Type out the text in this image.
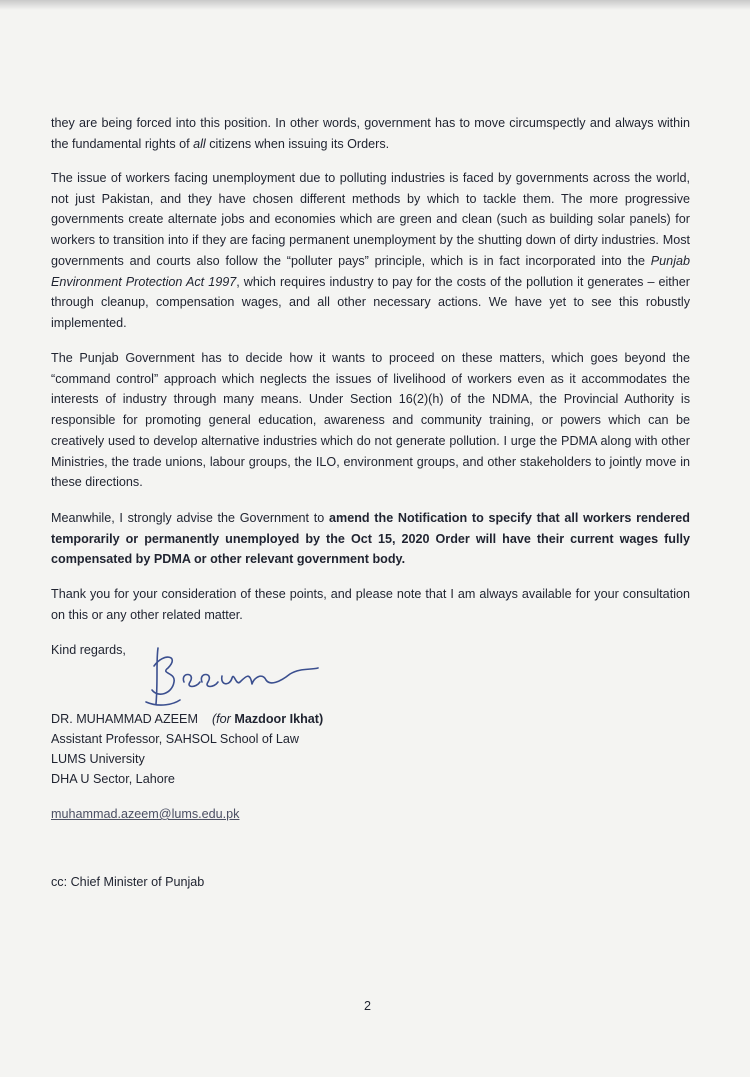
they are being forced into this position. In other words, government has to move circumspectly and always within the fundamental rights of all citizens when issuing its Orders.

The issue of workers facing unemployment due to polluting industries is faced by governments across the world, not just Pakistan, and they have chosen different methods by which to tackle them. The more progressive governments create alternate jobs and economies which are green and clean (such as building solar panels) for workers to transition into if they are facing permanent unemployment by the shutting down of dirty industries. Most governments and courts also follow the “polluter pays” principle, which is in fact incorporated into the Punjab Environment Protection Act 1997, which requires industry to pay for the costs of the pollution it generates – either through cleanup, compensation wages, and all other necessary actions. We have yet to see this robustly implemented.

The Punjab Government has to decide how it wants to proceed on these matters, which goes beyond the “command control” approach which neglects the issues of livelihood of workers even as it accommodates the interests of industry through many means. Under Section 16(2)(h) of the NDMA, the Provincial Authority is responsible for promoting general education, awareness and community training, or powers which can be creatively used to develop alternative industries which do not generate pollution. I urge the PDMA along with other Ministries, the trade unions, labour groups, the ILO, environment groups, and other stakeholders to jointly move in these directions.

Meanwhile, I strongly advise the Government to amend the Notification to specify that all workers rendered temporarily or permanently unemployed by the Oct 15, 2020 Order will have their current wages fully compensated by PDMA or other relevant government body.

Thank you for your consideration of these points, and please note that I am always available for your consultation on this or any other related matter.

Kind regards,

DR. MUHAMMAD AZEEM (for Mazdoor Ikhat)

Assistant Professor, SAHSOL School of Law

LUMS University

DHA U Sector, Lahore

muhammad.azeem@lums.edu.pk

cc: Chief Minister of Punjab

2
